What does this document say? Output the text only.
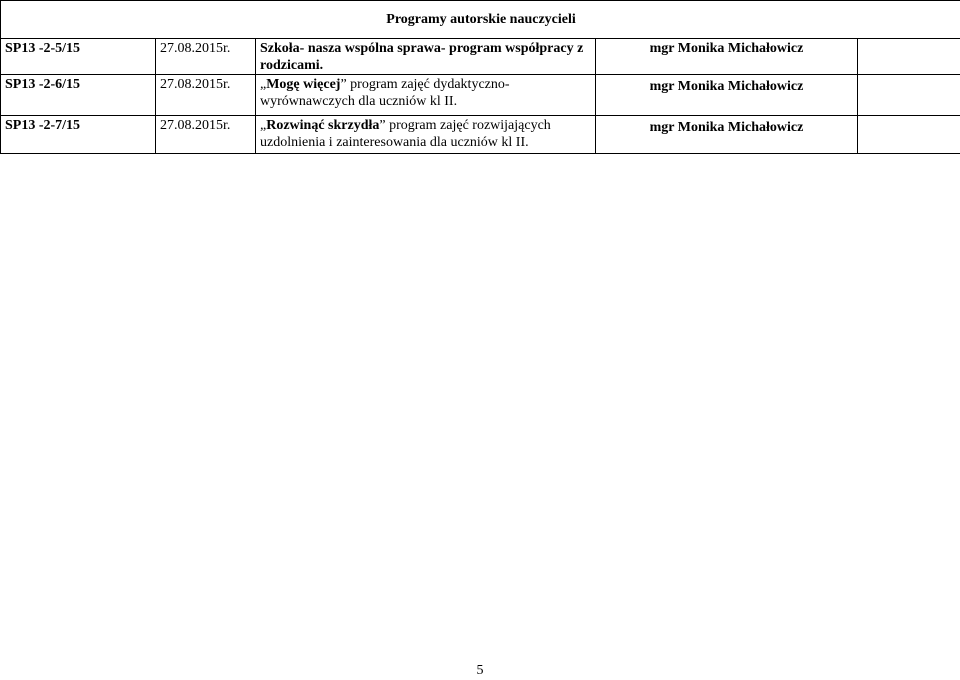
Programy autorskie nauczycieli				
SP13 -2-5/15	27.08.2015r.	Szkoła- nasza wspólna sprawa- program współpracy z rodzicami.	mgr Monika Michałowicz	
SP13 -2-6/15	27.08.2015r.	„Mogę więcej” program zajęć dydaktyczno-wyrównawczych dla uczniów kl II.	mgr Monika Michałowicz	
SP13 -2-7/15	27.08.2015r.	„Rozwinąć skrzydła” program zajęć rozwijających uzdolnienia i zainteresowania dla uczniów kl II.	mgr Monika Michałowicz	
5
